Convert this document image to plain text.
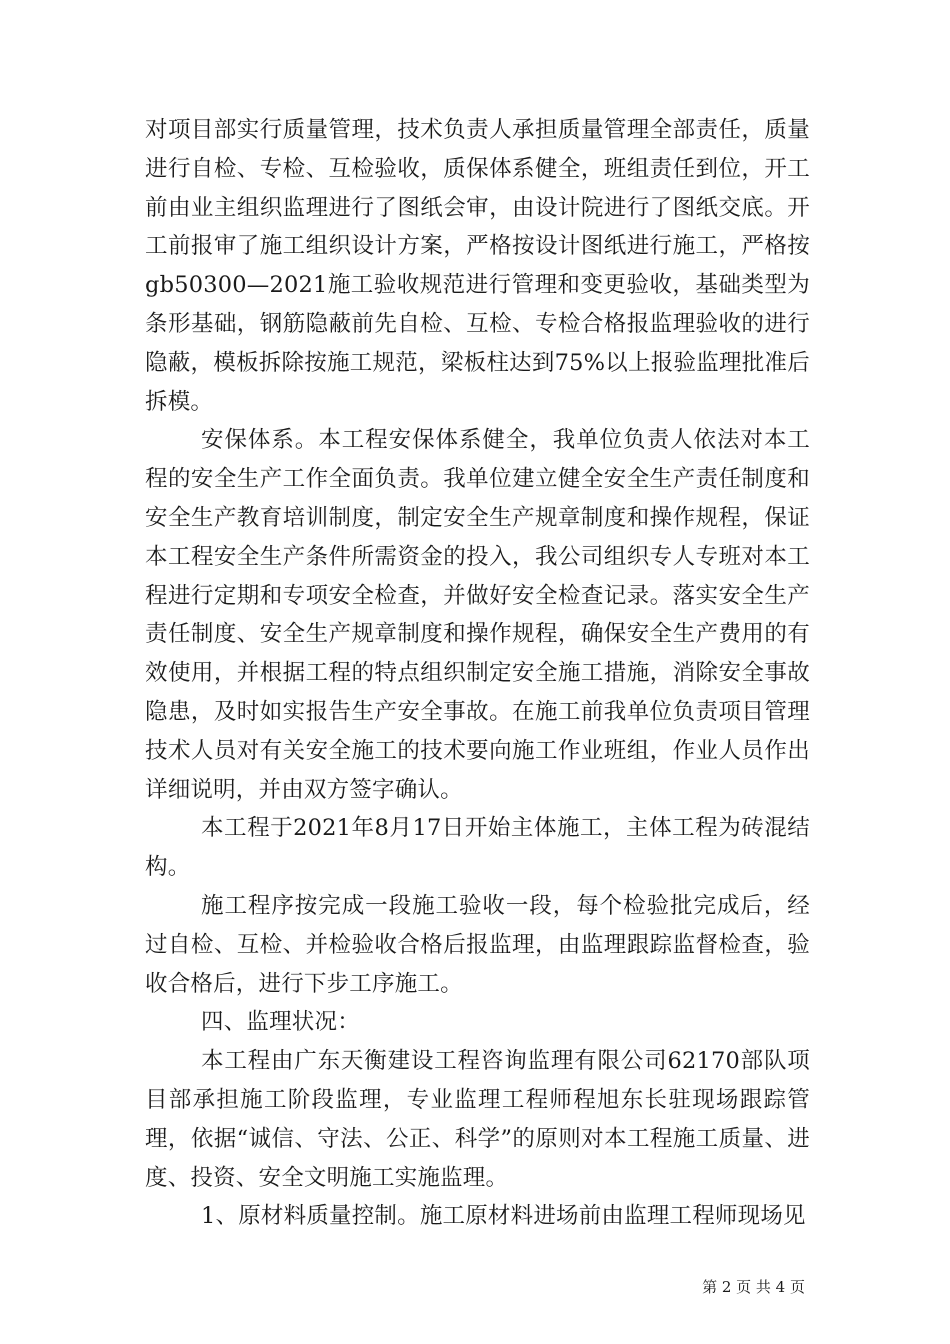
对项目部实行质量管理，技术负责人承担质量管理全部责任，质量进行自检、专检、互检验收，质保体系健全，班组责任到位，开工前由业主组织监理进行了图纸会审，由设计院进行了图纸交底。开工前报审了施工组织设计方案，严格按设计图纸进行施工，严格按gb50300—2021施工验收规范进行管理和变更验收，基础类型为条形基础，钢筋隐蔽前先自检、互检、专检合格报监理验收的进行隐蔽，模板拆除按施工规范，梁板柱达到75%以上报验监理批准后拆模。

安保体系。本工程安保体系健全，我单位负责人依法对本工程的安全生产工作全面负责。我单位建立健全安全生产责任制度和安全生产教育培训制度，制定安全生产规章制度和操作规程，保证本工程安全生产条件所需资金的投入，我公司组织专人专班对本工程进行定期和专项安全检查，并做好安全检查记录。落实安全生产责任制度、安全生产规章制度和操作规程，确保安全生产费用的有效使用，并根据工程的特点组织制定安全施工措施，消除安全事故隐患，及时如实报告生产安全事故。在施工前我单位负责项目管理技术人员对有关安全施工的技术要向施工作业班组，作业人员作出详细说明，并由双方签字确认。

本工程于2021年8月17日开始主体施工，主体工程为砖混结构。

施工程序按完成一段施工验收一段，每个检验批完成后，经过自检、互检、并检验收合格后报监理，由监理跟踪监督检查，验收合格后，进行下步工序施工。

四、监理状况：

本工程由广东天衡建设工程咨询监理有限公司62170部队项目部承担施工阶段监理，专业监理工程师程旭东长驻现场跟踪管理，依据“诚信、守法、公正、科学”的原则对本工程施工质量、进度、投资、安全文明施工实施监理。

1、原材料质量控制。施工原材料进场前由监理工程师现场见

第 2 页 共 4 页
